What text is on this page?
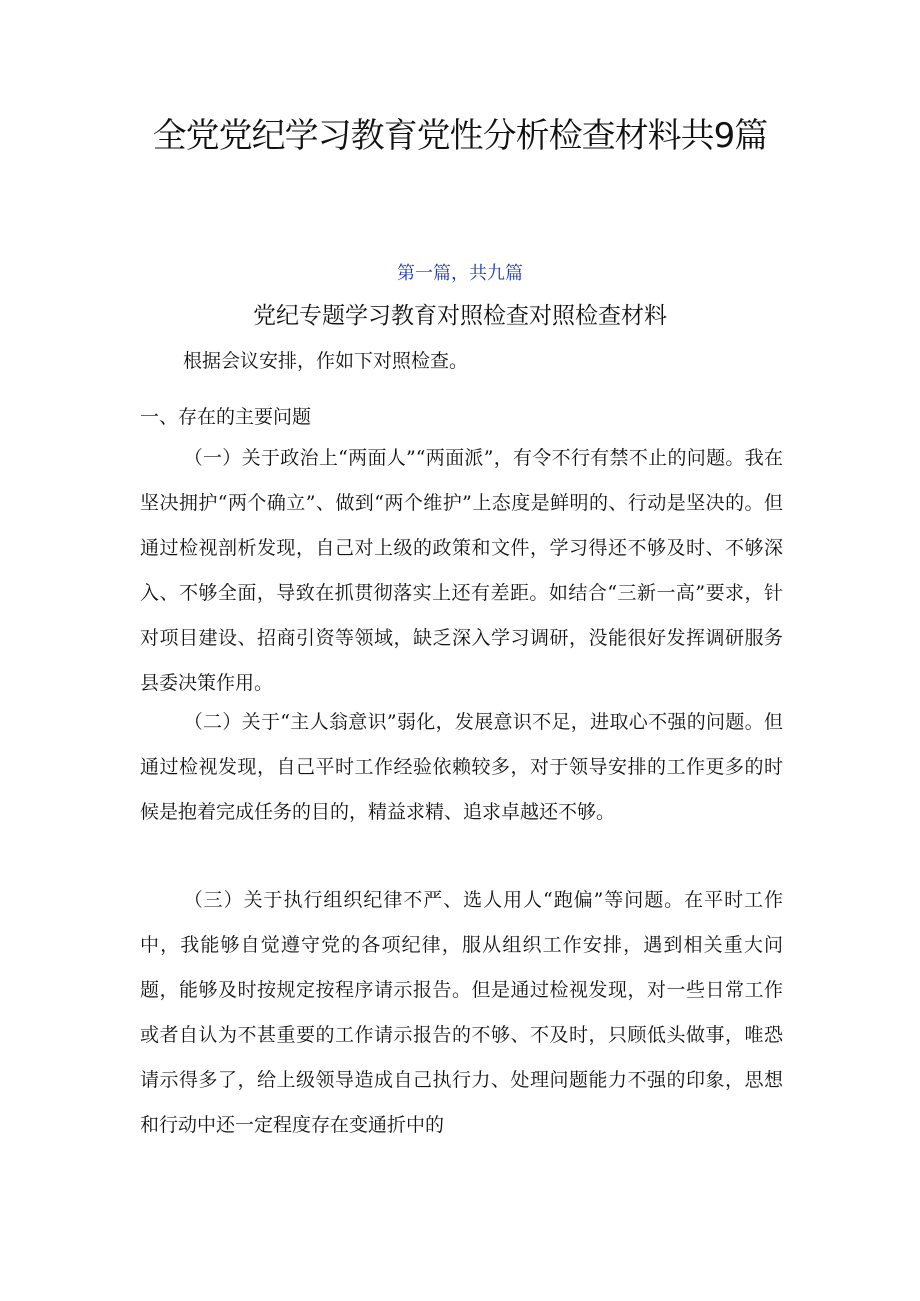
全党党纪学习教育党性分析检查材料共9篇
第一篇，共九篇
党纪专题学习教育对照检查对照检查材料
根据会议安排，作如下对照检查。
一、存在的主要问题

（一）关于政治上“两面人”“两面派”，有令不行有禁不止的问题。我在坚决拥护“两个确立”、做到“两个维护”上态度是鲜明的、行动是坚决的。但通过检视剖析发现，自己对上级的政策和文件，学习得还不够及时、不够深入、不够全面，导致在抓贯彻落实上还有差距。如结合“三新一高”要求，针对项目建设、招商引资等领域，缺乏深入学习调研，没能很好发挥调研服务县委决策作用。

（二）关于“主人翁意识”弱化，发展意识不足，进取心不强的问题。但通过检视发现，自己平时工作经验依赖较多，对于领导安排的工作更多的时候是抱着完成任务的目的，精益求精、追求卓越还不够。

（三）关于执行组织纪律不严、选人用人“跑偏”等问题。在平时工作中，我能够自觉遵守党的各项纪律，服从组织工作安排，遇到相关重大问题，能够及时按规定按程序请示报告。但是通过检视发现，对一些日常工作或者自认为不甚重要的工作请示报告的不够、不及时，只顾低头做事，唯恐请示得多了，给上级领导造成自己执行力、处理问题能力不强的印象，思想和行动中还一定程度存在变通折中的
